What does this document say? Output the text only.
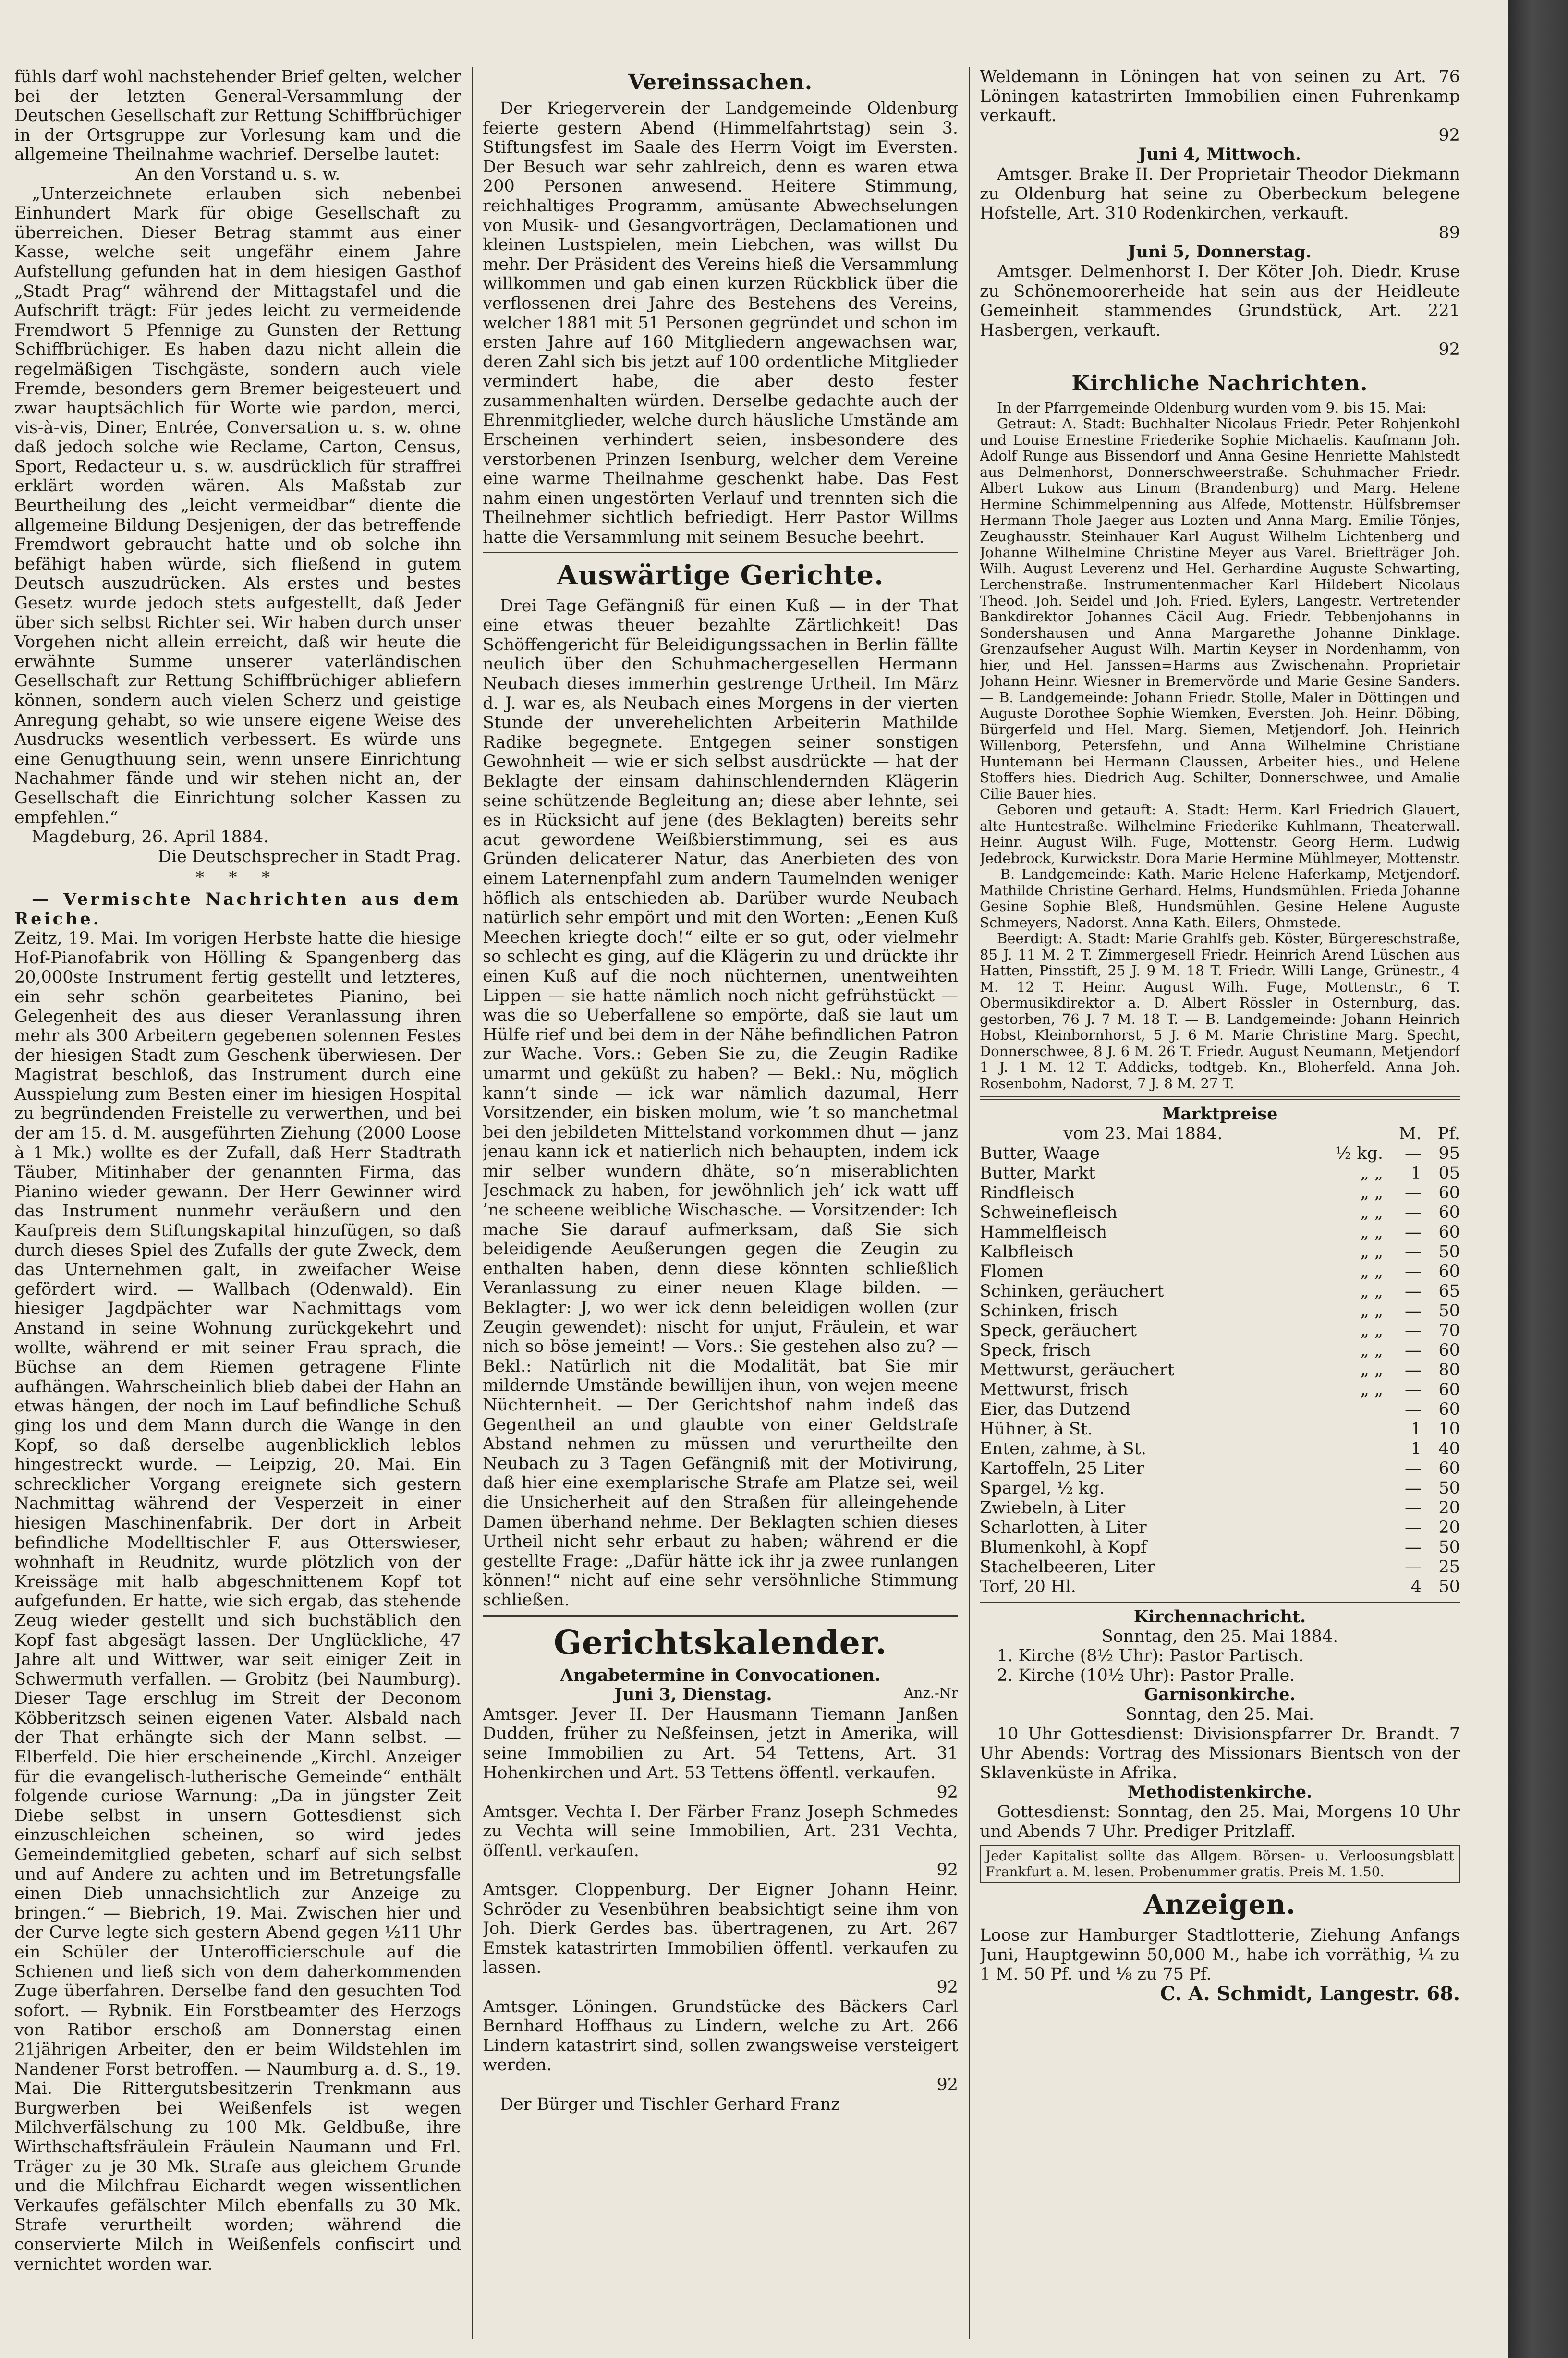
fühls darf wohl nachstehender Brief gelten, welcher bei der letzten General-Versammlung der Deutschen Gesellschaft zur Rettung Schiffbrüchiger in der Ortsgruppe zur Vorlesung kam und die allgemeine Theilnahme wachrief. Derselbe lautet:

An den Vorstand u. s. w.

„Unterzeichnete erlauben sich nebenbei Einhundert Mark für obige Gesellschaft zu überreichen. Dieser Betrag stammt aus einer Kasse, welche seit ungefähr einem Jahre Aufstellung gefunden hat in dem hiesigen Gasthof „Stadt Prag“ während der Mittagstafel und die Aufschrift trägt: Für jedes leicht zu vermeidende Fremdwort 5 Pfennige zu Gunsten der Rettung Schiffbrüchiger. Es haben dazu nicht allein die regelmäßigen Tischgäste, sondern auch viele Fremde, besonders gern Bremer beigesteuert und zwar hauptsächlich für Worte wie pardon, merci, vis-à-vis, Diner, Entrée, Conversation u. s. w. ohne daß jedoch solche wie Reclame, Carton, Census, Sport, Redacteur u. s. w. ausdrücklich für straffrei erklärt worden wären. Als Maßstab zur Beurtheilung des „leicht vermeidbar“ diente die allgemeine Bildung Desjenigen, der das betreffende Fremdwort gebraucht hatte und ob solche ihn befähigt haben würde, sich fließend in gutem Deutsch auszudrücken. Als erstes und bestes Gesetz wurde jedoch stets aufgestellt, daß Jeder über sich selbst Richter sei. Wir haben durch unser Vorgehen nicht allein erreicht, daß wir heute die erwähnte Summe unserer vaterländischen Gesellschaft zur Rettung Schiffbrüchiger abliefern können, sondern auch vielen Scherz und geistige Anregung gehabt, so wie unsere eigene Weise des Ausdrucks wesentlich verbessert. Es würde uns eine Genugthuung sein, wenn unsere Einrichtung Nachahmer fände und wir stehen nicht an, der Gesellschaft die Einrichtung solcher Kassen zu empfehlen.“

Magdeburg, 26. April 1884.

Die Deutschsprecher in Stadt Prag.

* * *

— Vermischte Nachrichten aus dem Reiche.

Zeitz, 19. Mai. Im vorigen Herbste hatte die hiesige Hof-Pianofabrik von Hölling & Spangenberg das 20,000ste Instrument fertig gestellt und letzteres, ein sehr schön gearbeitetes Pianino, bei Gelegenheit des aus dieser Veranlassung ihren mehr als 300 Arbeitern gegebenen solennen Festes der hiesigen Stadt zum Geschenk überwiesen. Der Magistrat beschloß, das Instrument durch eine Ausspielung zum Besten einer im hiesigen Hospital zu begründenden Freistelle zu verwerthen, und bei der am 15. d. M. ausgeführten Ziehung (2000 Loose à 1 Mk.) wollte es der Zufall, daß Herr Stadtrath Täuber, Mitinhaber der genannten Firma, das Pianino wieder gewann. Der Herr Gewinner wird das Instrument nunmehr veräußern und den Kaufpreis dem Stiftungskapital hinzufügen, so daß durch dieses Spiel des Zufalls der gute Zweck, dem das Unternehmen galt, in zweifacher Weise gefördert wird. — Wallbach (Odenwald). Ein hiesiger Jagdpächter war Nachmittags vom Anstand in seine Wohnung zurückgekehrt und wollte, während er mit seiner Frau sprach, die Büchse an dem Riemen getragene Flinte aufhängen. Wahrscheinlich blieb dabei der Hahn an etwas hängen, der noch im Lauf befindliche Schuß ging los und dem Mann durch die Wange in den Kopf, so daß derselbe augenblicklich leblos hingestreckt wurde. — Leipzig, 20. Mai. Ein schrecklicher Vorgang ereignete sich gestern Nachmittag während der Vesperzeit in einer hiesigen Maschinenfabrik. Der dort in Arbeit befindliche Modelltischler F. aus Otterswieser, wohnhaft in Reudnitz, wurde plötzlich von der Kreissäge mit halb abgeschnittenem Kopf tot aufgefunden. Er hatte, wie sich ergab, das stehende Zeug wieder gestellt und sich buchstäblich den Kopf fast abgesägt lassen. Der Unglückliche, 47 Jahre alt und Wittwer, war seit einiger Zeit in Schwermuth verfallen. — Grobitz (bei Naumburg). Dieser Tage erschlug im Streit der Deconom Köbberitzsch seinen eigenen Vater. Alsbald nach der That erhängte sich der Mann selbst. — Elberfeld. Die hier erscheinende „Kirchl. Anzeiger für die evangelisch-lutherische Gemeinde“ enthält folgende curiose Warnung: „Da in jüngster Zeit Diebe selbst in unsern Gottesdienst sich einzuschleichen scheinen, so wird jedes Gemeindemitglied gebeten, scharf auf sich selbst und auf Andere zu achten und im Betretungsfalle einen Dieb unnachsichtlich zur Anzeige zu bringen.“ — Biebrich, 19. Mai. Zwischen hier und der Curve legte sich gestern Abend gegen ½11 Uhr ein Schüler der Unterofficierschule auf die Schienen und ließ sich von dem daherkommenden Zuge überfahren. Derselbe fand den gesuchten Tod sofort. — Rybnik. Ein Forstbeamter des Herzogs von Ratibor erschoß am Donnerstag einen 21jährigen Arbeiter, den er beim Wildstehlen im Nandener Forst betroffen. — Naumburg a. d. S., 19. Mai. Die Rittergutsbesitzerin Trenkmann aus Burgwerben bei Weißenfels ist wegen Milchverfälschung zu 100 Mk. Geldbuße, ihre Wirthschaftsfräulein Fräulein Naumann und Frl. Träger zu je 30 Mk. Strafe aus gleichem Grunde und die Milchfrau Eichardt wegen wissentlichen Verkaufes gefälschter Milch ebenfalls zu 30 Mk. Strafe verurtheilt worden; während die conservierte Milch in Weißenfels confiscirt und vernichtet worden war.

Vereinssachen.

Der Kriegerverein der Landgemeinde Oldenburg feierte gestern Abend (Himmelfahrtstag) sein 3. Stiftungsfest im Saale des Herrn Voigt im Eversten. Der Besuch war sehr zahlreich, denn es waren etwa 200 Personen anwesend. Heitere Stimmung, reichhaltiges Programm, amüsante Abwechselungen von Musik- und Gesangvorträgen, Declamationen und kleinen Lustspielen, mein Liebchen, was willst Du mehr. Der Präsident des Vereins hieß die Versammlung willkommen und gab einen kurzen Rückblick über die verflossenen drei Jahre des Bestehens des Vereins, welcher 1881 mit 51 Personen gegründet und schon im ersten Jahre auf 160 Mitgliedern angewachsen war, deren Zahl sich bis jetzt auf 100 ordentliche Mitglieder vermindert habe, die aber desto fester zusammenhalten würden. Derselbe gedachte auch der Ehrenmitglieder, welche durch häusliche Umstände am Erscheinen verhindert seien, insbesondere des verstorbenen Prinzen Isenburg, welcher dem Vereine eine warme Theilnahme geschenkt habe. Das Fest nahm einen ungestörten Verlauf und trennten sich die Theilnehmer sichtlich befriedigt. Herr Pastor Willms hatte die Versammlung mit seinem Besuche beehrt.

Auswärtige Gerichte.

Drei Tage Gefängniß für einen Kuß — in der That eine etwas theuer bezahlte Zärtlichkeit! Das Schöffengericht für Beleidigungssachen in Berlin fällte neulich über den Schuhmachergesellen Hermann Neubach dieses immerhin gestrenge Urtheil. Im März d. J. war es, als Neubach eines Morgens in der vierten Stunde der unverehelichten Arbeiterin Mathilde Radike begegnete. Entgegen seiner sonstigen Gewohnheit — wie er sich selbst ausdrückte — hat der Beklagte der einsam dahinschlendernden Klägerin seine schützende Begleitung an; diese aber lehnte, sei es in Rücksicht auf jene (des Beklagten) bereits sehr acut gewordene Weißbierstimmung, sei es aus Gründen delicaterer Natur, das Anerbieten des von einem Laternenpfahl zum andern Taumelnden weniger höflich als entschieden ab. Darüber wurde Neubach natürlich sehr empört und mit den Worten: „Eenen Kuß Meechen kriegte doch!“ eilte er so gut, oder vielmehr so schlecht es ging, auf die Klägerin zu und drückte ihr einen Kuß auf die noch nüchternen, unentweihten Lippen — sie hatte nämlich noch nicht gefrühstückt — was die so Ueberfallene so empörte, daß sie laut um Hülfe rief und bei dem in der Nähe befindlichen Patron zur Wache. Vors.: Geben Sie zu, die Zeugin Radike umarmt und geküßt zu haben? — Bekl.: Nu, möglich kann’t sinde — ick war nämlich dazumal, Herr Vorsitzender, ein bisken molum, wie ’t so manchetmal bei den jebildeten Mittelstand vorkommen dhut — janz jenau kann ick et natierlich nich behaupten, indem ick mir selber wundern dhäte, so’n miserablichten Jeschmack zu haben, for jewöhnlich jeh’ ick watt uff ’ne scheene weibliche Wischasche. — Vorsitzender: Ich mache Sie darauf aufmerksam, daß Sie sich beleidigende Aeußerungen gegen die Zeugin zu enthalten haben, denn diese könnten schließlich Veranlassung zu einer neuen Klage bilden. — Beklagter: J, wo wer ick denn beleidigen wollen (zur Zeugin gewendet): nischt for unjut, Fräulein, et war nich so böse jemeint! — Vors.: Sie gestehen also zu? — Bekl.: Natürlich nit die Modalität, bat Sie mir mildernde Umstände bewillijen ihun, von wejen meene Nüchternheit. — Der Gerichtshof nahm indeß das Gegentheil an und glaubte von einer Geldstrafe Abstand nehmen zu müssen und verurtheilte den Neubach zu 3 Tagen Gefängniß mit der Motivirung, daß hier eine exemplarische Strafe am Platze sei, weil die Unsicherheit auf den Straßen für alleingehende Damen überhand nehme. Der Beklagten schien dieses Urtheil nicht sehr erbaut zu haben; während er die gestellte Frage: „Dafür hätte ick ihr ja zwee runlangen können!“ nicht auf eine sehr versöhnliche Stimmung schließen.

Gerichtskalender.

Angabetermine in Convocationen.

Juni 3, Dienstag.	Anz.-Nr
Amtsger. Jever II. Der Hausmann Tiemann Janßen Dudden, früher zu Neßfeinsen, jetzt in Amerika, will seine Immobilien zu Art. 54 Tettens, Art. 31 Hohenkirchen und Art. 53 Tettens öffentl. verkaufen.

92

Amtsger. Vechta I. Der Färber Franz Joseph Schmedes zu Vechta will seine Immobilien, Art. 231 Vechta, öffentl. verkaufen.

92

Amtsger. Cloppenburg. Der Eigner Johann Heinr. Schröder zu Vesenbühren beabsichtigt seine ihm von Joh. Dierk Gerdes bas. übertragenen, zu Art. 267 Emstek katastrirten Immobilien öffentl. verkaufen zu lassen.

92

Amtsger. Löningen. Grundstücke des Bäckers Carl Bernhard Hoffhaus zu Lindern, welche zu Art. 266 Lindern katastrirt sind, sollen zwangsweise versteigert werden.

92

Der Bürger und Tischler Gerhard Franz

Weldemann in Löningen hat von seinen zu Art. 76 Löningen katastrirten Immobilien einen Fuhrenkamp verkauft.

92

Juni 4, Mittwoch.

Amtsger. Brake II. Der Proprietair Theodor Diekmann zu Oldenburg hat seine zu Oberbeckum belegene Hofstelle, Art. 310 Rodenkirchen, verkauft.

89

Juni 5, Donnerstag.

Amtsger. Delmenhorst I. Der Köter Joh. Diedr. Kruse zu Schönemoorerheide hat sein aus der Heidleute Gemeinheit stammendes Grundstück, Art. 221 Hasbergen, verkauft.

92

Kirchliche Nachrichten.

In der Pfarrgemeinde Oldenburg wurden vom 9. bis 15. Mai:

Getraut: A. Stadt: Buchhalter Nicolaus Friedr. Peter Rohjenkohl und Louise Ernestine Friederike Sophie Michaelis. Kaufmann Joh. Adolf Runge aus Bissendorf und Anna Gesine Henriette Mahlstedt aus Delmenhorst, Donnerschweerstraße. Schuhmacher Friedr. Albert Lukow aus Linum (Brandenburg) und Marg. Helene Hermine Schimmelpenning aus Alfede, Mottenstr. Hülfsbremser Hermann Thole Jaeger aus Lozten und Anna Marg. Emilie Tönjes, Zeughausstr. Steinhauer Karl August Wilhelm Lichtenberg und Johanne Wilhelmine Christine Meyer aus Varel. Briefträger Joh. Wilh. August Leverenz und Hel. Gerhardine Auguste Schwarting, Lerchenstraße. Instrumentenmacher Karl Hildebert Nicolaus Theod. Joh. Seidel und Joh. Fried. Eylers, Langestr. Vertretender Bankdirektor Johannes Cäcil Aug. Friedr. Tebbenjohanns in Sondershausen und Anna Margarethe Johanne Dinklage. Grenzaufseher August Wilh. Martin Keyser in Nordenhamm, von hier, und Hel. Janssen=Harms aus Zwischenahn. Proprietair Johann Heinr. Wiesner in Bremervörde und Marie Gesine Sanders. — B. Landgemeinde: Johann Friedr. Stolle, Maler in Döttingen und Auguste Dorothee Sophie Wiemken, Eversten. Joh. Heinr. Döbing, Bürgerfeld und Hel. Marg. Siemen, Metjendorf. Joh. Heinrich Willenborg, Petersfehn, und Anna Wilhelmine Christiane Huntemann bei Hermann Claussen, Arbeiter hies., und Helene Stoffers hies. Diedrich Aug. Schilter, Donnerschwee, und Amalie Cilie Bauer hies.

Geboren und getauft: A. Stadt: Herm. Karl Friedrich Glauert, alte Huntestraße. Wilhelmine Friederike Kuhlmann, Theaterwall. Heinr. August Wilh. Fuge, Mottenstr. Georg Herm. Ludwig Jedebrock, Kurwickstr. Dora Marie Hermine Mühlmeyer, Mottenstr. — B. Landgemeinde: Kath. Marie Helene Haferkamp, Metjendorf. Mathilde Christine Gerhard. Helms, Hundsmühlen. Frieda Johanne Gesine Sophie Bleß, Hundsmühlen. Gesine Helene Auguste Schmeyers, Nadorst. Anna Kath. Eilers, Ohmstede.

Beerdigt: A. Stadt: Marie Grahlfs geb. Köster, Bürgereschstraße, 85 J. 11 M. 2 T. Zimmergesell Friedr. Heinrich Arend Lüschen aus Hatten, Pinsstift, 25 J. 9 M. 18 T. Friedr. Willi Lange, Grünestr., 4 M. 12 T. Heinr. August Wilh. Fuge, Mottenstr., 6 T. Obermusikdirektor a. D. Albert Rössler in Osternburg, das. gestorben, 76 J. 7 M. 18 T. — B. Landgemeinde: Johann Heinrich Hobst, Kleinbornhorst, 5 J. 6 M. Marie Christine Marg. Specht, Donnerschwee, 8 J. 6 M. 26 T. Friedr. August Neumann, Metjendorf 1 J. 1 M. 12 T. Addicks, todtgeb. Kn., Bloherfeld. Anna Joh. Rosenbohm, Nadorst, 7 J. 8 M. 27 T.

Marktpreise

vom 23. Mai 1884.		M.	Pf.
Butter, Waage	½ kg.	—	95
Butter, Markt	„ „	1	05
Rindfleisch	„ „	—	60
Schweinefleisch	„ „	—	60
Hammelfleisch	„ „	—	60
Kalbfleisch	„ „	—	50
Flomen	„ „	—	60
Schinken, geräuchert	„ „	—	65
Schinken, frisch	„ „	—	50
Speck, geräuchert	„ „	—	70
Speck, frisch	„ „	—	60
Mettwurst, geräuchert	„ „	—	80
Mettwurst, frisch	„ „	—	60
Eier, das Dutzend		—	60
Hühner, à St.		1	10
Enten, zahme, à St.		1	40
Kartoffeln, 25 Liter		—	60
Spargel, ½ kg.		—	50
Zwiebeln, à Liter		—	20
Scharlotten, à Liter		—	20
Blumenkohl, à Kopf		—	50
Stachelbeeren, Liter		—	25
Torf, 20 Hl.		4	50

Kirchennachricht.

Sonntag, den 25. Mai 1884.

1. Kirche (8½ Uhr): Pastor Partisch.

2. Kirche (10½ Uhr): Pastor Pralle.

Garnisonkirche.

Sonntag, den 25. Mai.

10 Uhr Gottesdienst: Divisionspfarrer Dr. Brandt. 7 Uhr Abends: Vortrag des Missionars Bientsch von der Sklavenküste in Afrika.

Methodistenkirche.

Gottesdienst: Sonntag, den 25. Mai, Morgens 10 Uhr und Abends 7 Uhr. Prediger Pritzlaff.

Jeder Kapitalist sollte das Allgem. Börsen- u. Verloosungsblatt Frankfurt a. M. lesen. Probenummer gratis. Preis M. 1.50.

Anzeigen.

Loose zur Hamburger Stadtlotterie, Ziehung Anfangs Juni, Hauptgewinn 50,000 M., habe ich vorräthig, ¼ zu 1 M. 50 Pf. und ⅛ zu 75 Pf.

C. A. Schmidt, Langestr. 68.
